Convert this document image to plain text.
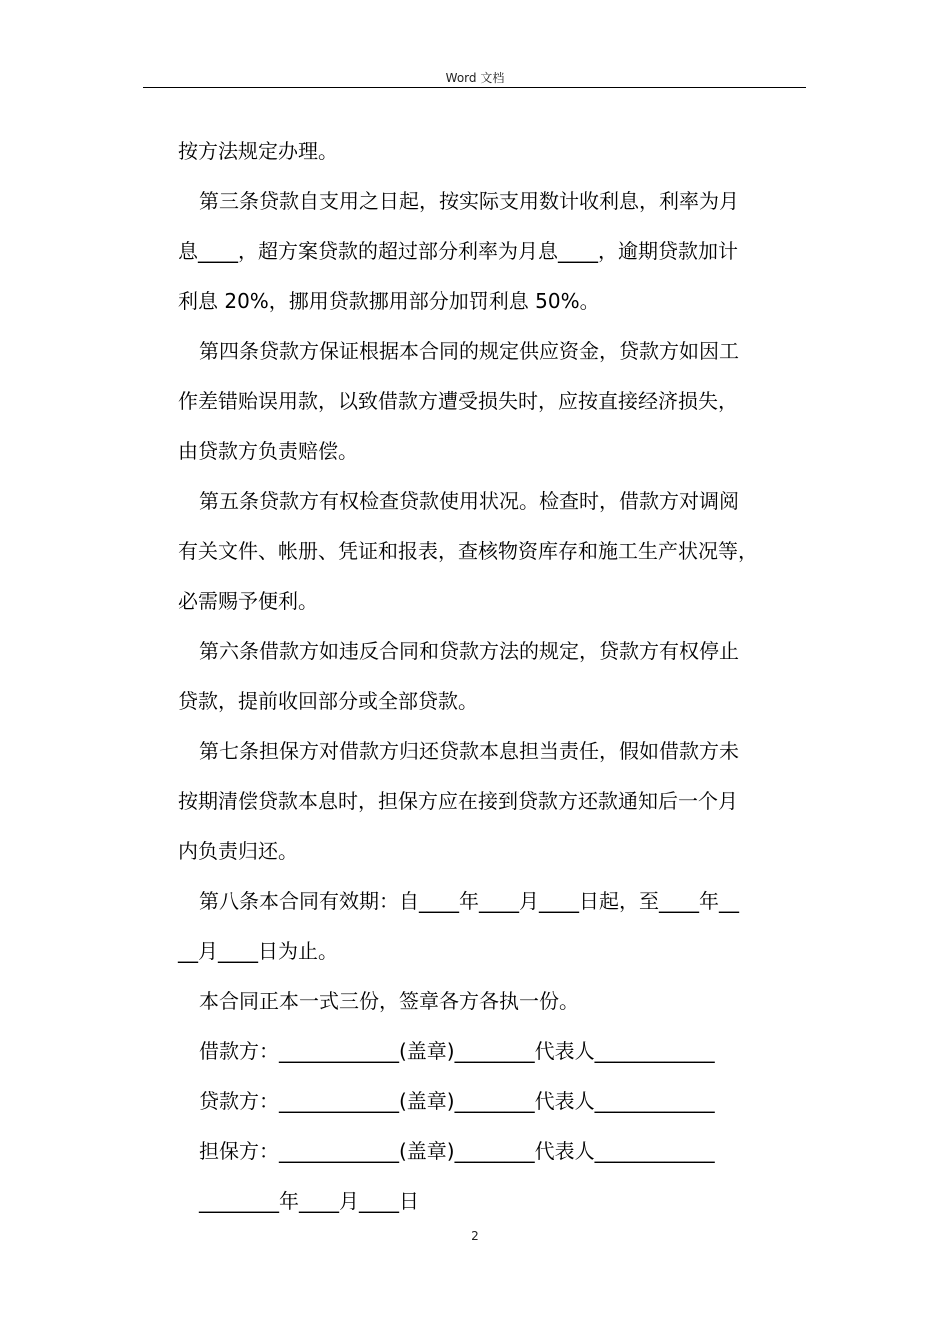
Word 文档
按方法规定办理。
第三条贷款自支用之日起，按实际支用数计收利息，利率为月
息____，超方案贷款的超过部分利率为月息____，逾期贷款加计
利息 20%，挪用贷款挪用部分加罚利息 50%。
第四条贷款方保证根据本合同的规定供应资金，贷款方如因工
作差错贻误用款，以致借款方遭受损失时，应按直接经济损失，
由贷款方负责赔偿。
第五条贷款方有权检查贷款使用状况。检查时，借款方对调阅
有关文件、帐册、凭证和报表，查核物资库存和施工生产状况等，
必需赐予便利。
第六条借款方如违反合同和贷款方法的规定，贷款方有权停止
贷款，提前收回部分或全部贷款。
第七条担保方对借款方归还贷款本息担当责任，假如借款方未
按期清偿贷款本息时，担保方应在接到贷款方还款通知后一个月
内负责归还。
第八条本合同有效期：自____年____月____日起，至____年__
__月____日为止。
本合同正本一式三份，签章各方各执一份。
借款方：____________(盖章)________代表人____________
贷款方：____________(盖章)________代表人____________
担保方：____________(盖章)________代表人____________
________年____月____日
2
